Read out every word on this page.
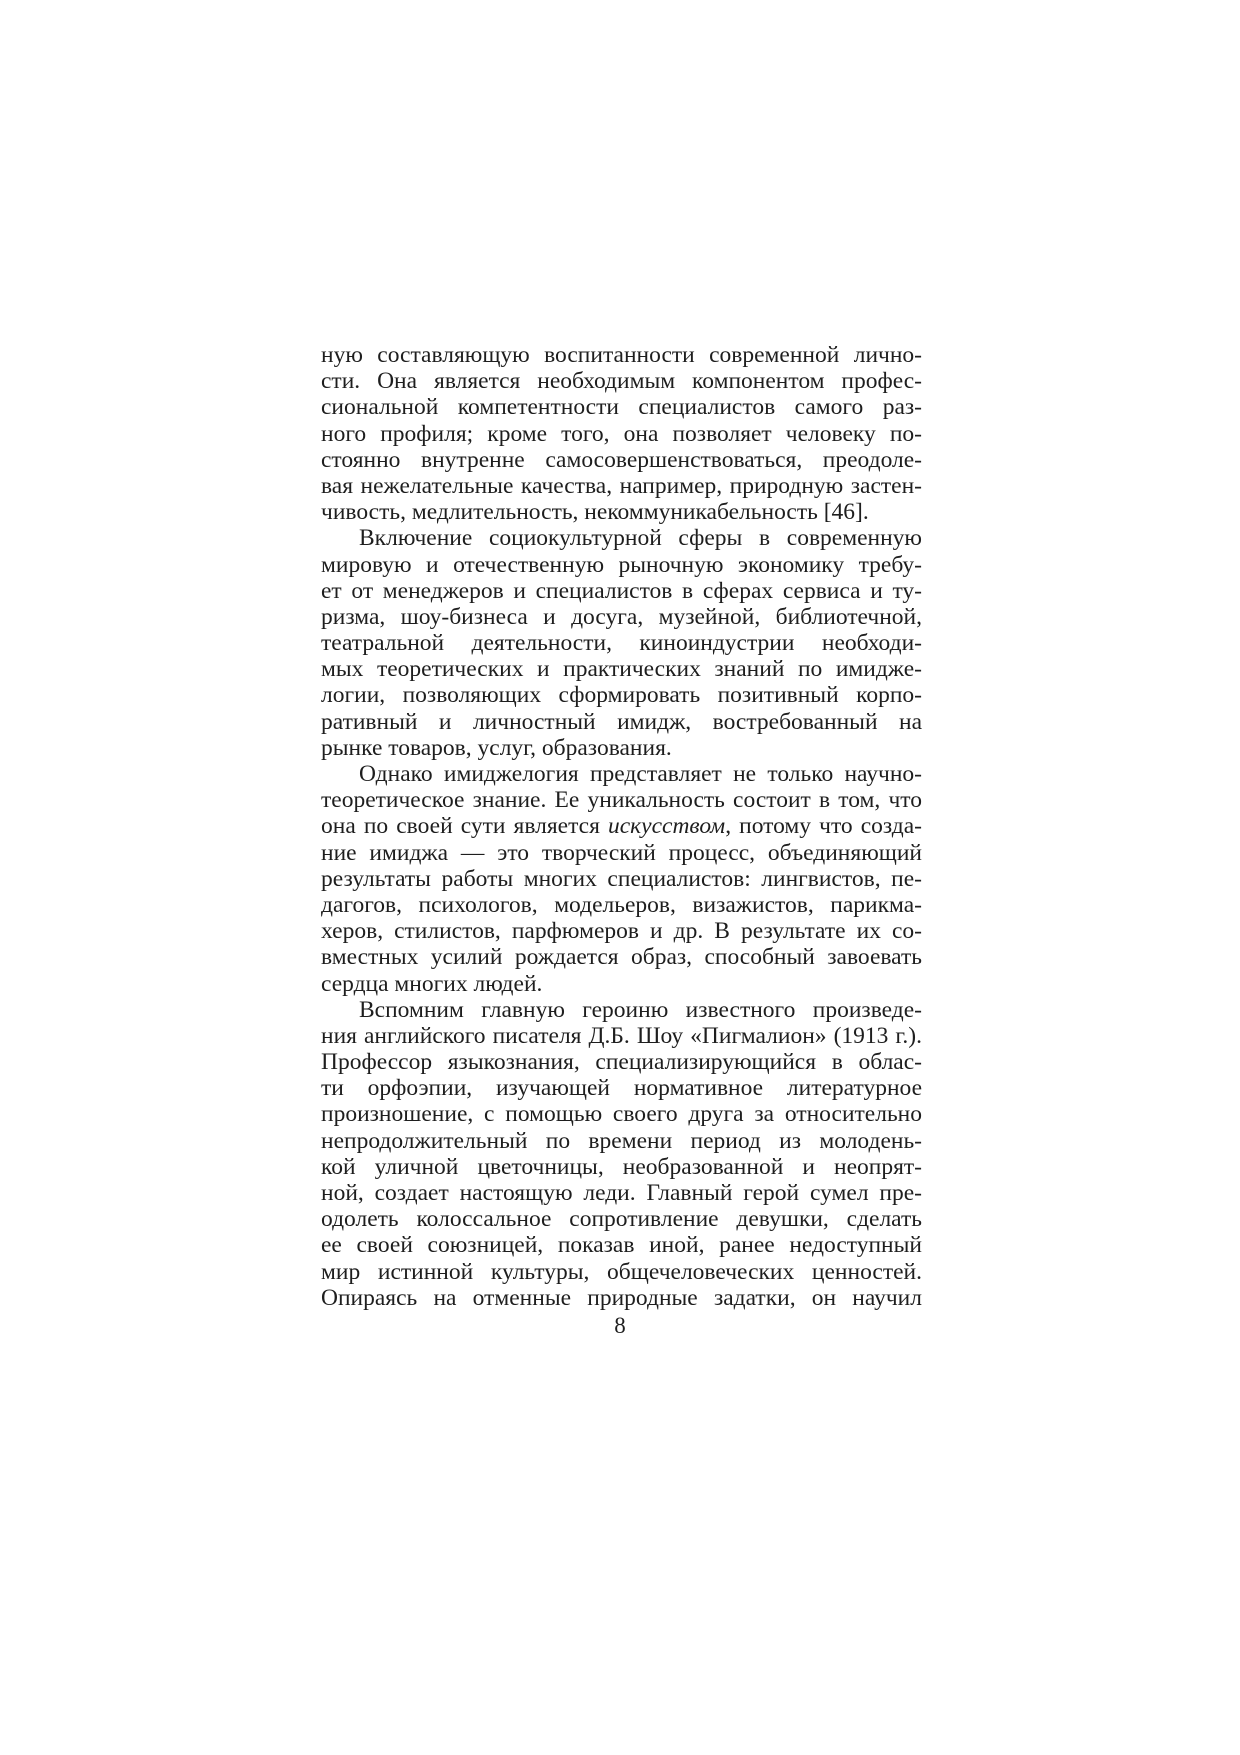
ную составляющую воспитанности современной лично-
сти. Она является необходимым компонентом профес-
сиональной компетентности специалистов самого раз-
ного профиля; кроме того, она позволяет человеку по-
стоянно внутренне самосовершенствоваться, преодоле-
вая нежелательные качества, например, природную застен-
чивость, медлительность, некоммуникабельность [46].
Включение социокультурной сферы в современную
мировую и отечественную рыночную экономику требу-
ет от менеджеров и специалистов в сферах сервиса и ту-
ризма, шоу-бизнеса и досуга, музейной, библиотечной,
театральной деятельности, киноиндустрии необходи-
мых теоретических и практических знаний по имидже-
логии, позволяющих сформировать позитивный корпо-
ративный и личностный имидж, востребованный на
рынке товаров, услуг, образования.
Однако имиджелогия представляет не только научно-
теоретическое знание. Ее уникальность состоит в том, что
она по своей сути является искусством, потому что созда-
ние имиджа — это творческий процесс, объединяющий
результаты работы многих специалистов: лингвистов, пе-
дагогов, психологов, модельеров, визажистов, парикма-
херов, стилистов, парфюмеров и др. В результате их со-
вместных усилий рождается образ, способный завоевать
сердца многих людей.
Вспомним главную героиню известного произведе-
ния английского писателя Д.Б. Шоу «Пигмалион» (1913 г.).
Профессор языкознания, специализирующийся в облас-
ти орфоэпии, изучающей нормативное литературное
произношение, с помощью своего друга за относительно
непродолжительный по времени период из молодень-
кой уличной цветочницы, необразованной и неопрят-
ной, создает настоящую леди. Главный герой сумел пре-
одолеть колоссальное сопротивление девушки, сделать
ее своей союзницей, показав иной, ранее недоступный
мир истинной культуры, общечеловеческих ценностей.
Опираясь на отменные природные задатки, он научил
8
